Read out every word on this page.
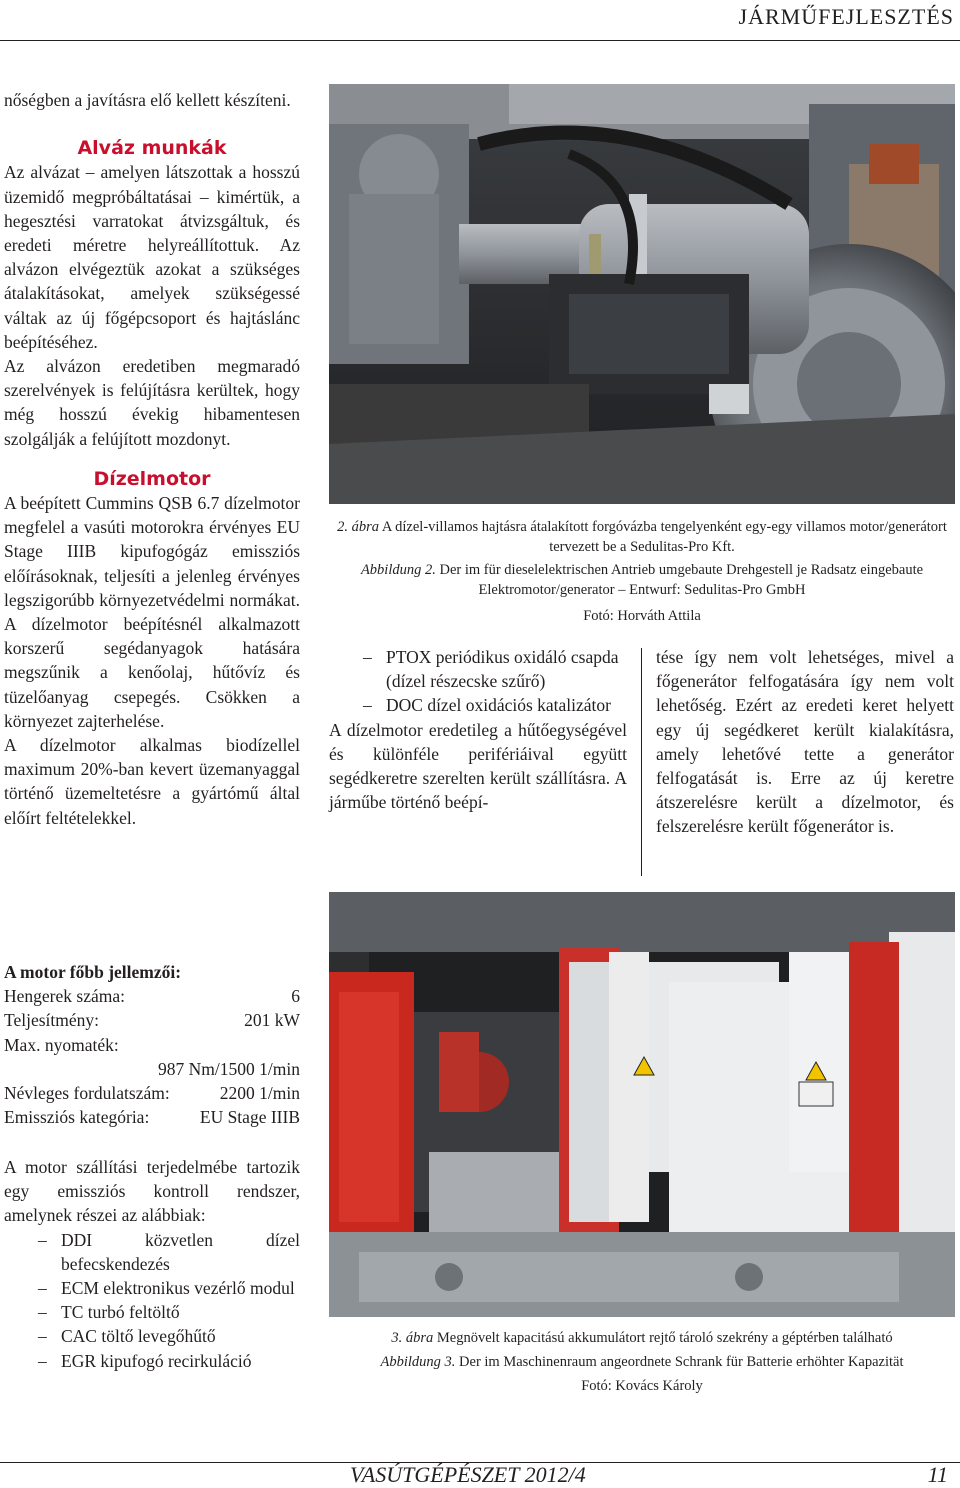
JÁRMŰFEJLESZTÉS

nőségben a javításra elő kellett készíteni.

Alváz munkák

Az alvázat – amelyen látszottak a hosszú üzemidő megpróbáltatásai – kimértük, a hegesztési varratokat átvizsgáltuk, és eredeti méretre helyreállítottuk. Az alvázon elvégeztük azokat a szükséges átalakításokat, amelyek szükségessé váltak az új főgépcsoport és hajtáslánc beépítéséhez.

Az alvázon eredetiben megmaradó szerelvények is felújításra kerültek, hogy még hosszú évekig hibamentesen szolgálják a felújított mozdonyt.

Dízelmotor

A beépített Cummins QSB 6.7 dízelmotor megfelel a vasúti motorokra érvényes EU Stage IIIB kipufogógáz emissziós előírásoknak, teljesíti a jelenleg érvényes legszigorúbb környezetvédelmi normákat. A dízelmotor beépítésnél alkalmazott korszerű segédanyagok hatására megszűnik a kenőolaj, hűtővíz és tüzelőanyag csepegés. Csökken a környezet zajterhelése.

A dízelmotor alkalmas biodízellel maximum 20%-ban kevert üzemanyaggal történő üzemeltetésre a gyártómű által előírt feltételekkel.

A motor főbb jellemzői:
Hengerek száma:	6
Teljesítmény:	201 kW
Max. nyomaték:
987 Nm/1500 1/min
Névleges fordulatszám:	2200 1/min
Emissziós kategória:	EU Stage IIIB

A motor szállítási terjedelmébe tartozik egy emissziós kontroll rendszer, amelynek részei az alábbiak:

– DDI közvetlen dízel befecskendezés
– ECM elektronikus vezérlő modul
– TC turbó feltöltő
– CAC töltő levegőhűtő
– EGR kipufogó recirkuláció
2. ábra A dízel-villamos hajtásra átalakított forgóvázba tengelyenként egy-egy villamos motor/generátort tervezett be a Sedulitas-Pro Kft.
Abbildung 2. Der im für dieselelektrischen Antrieb umgebaute Drehgestell je Radsatz eingebaute Elektromotor/generator – Entwurf: Sedulitas-Pro GmbH
Fotó: Horváth Attila
– PTOX periódikus oxidáló csapda (dízel részecske szűrő)
– DOC dízel oxidációs katalizátor

A dízelmotor eredetileg a hűtőegységével és különféle perifériáival együtt segédkeretre szerelten került szállításra. A járműbe történő beépí-

tése így nem volt lehetséges, mivel a főgenerátor felfogatására így nem volt lehetőség. Ezért az eredeti keret helyett egy új segédkeret került kialakításra, amely lehetővé tette a generátor felfogatását is. Erre az új keretre átszerelésre került a dízelmotor, és felszerelésre került főgenerátor is.

3. ábra Megnövelt kapacitású akkumulátort rejtő tároló szekrény a géptérben található
Abbildung 3. Der im Maschinenraum angeordnete Schrank für Batterie erhöhter Kapazität
Fotó: Kovács Károly
VASÚTGÉPÉSZET 2012/4	11
